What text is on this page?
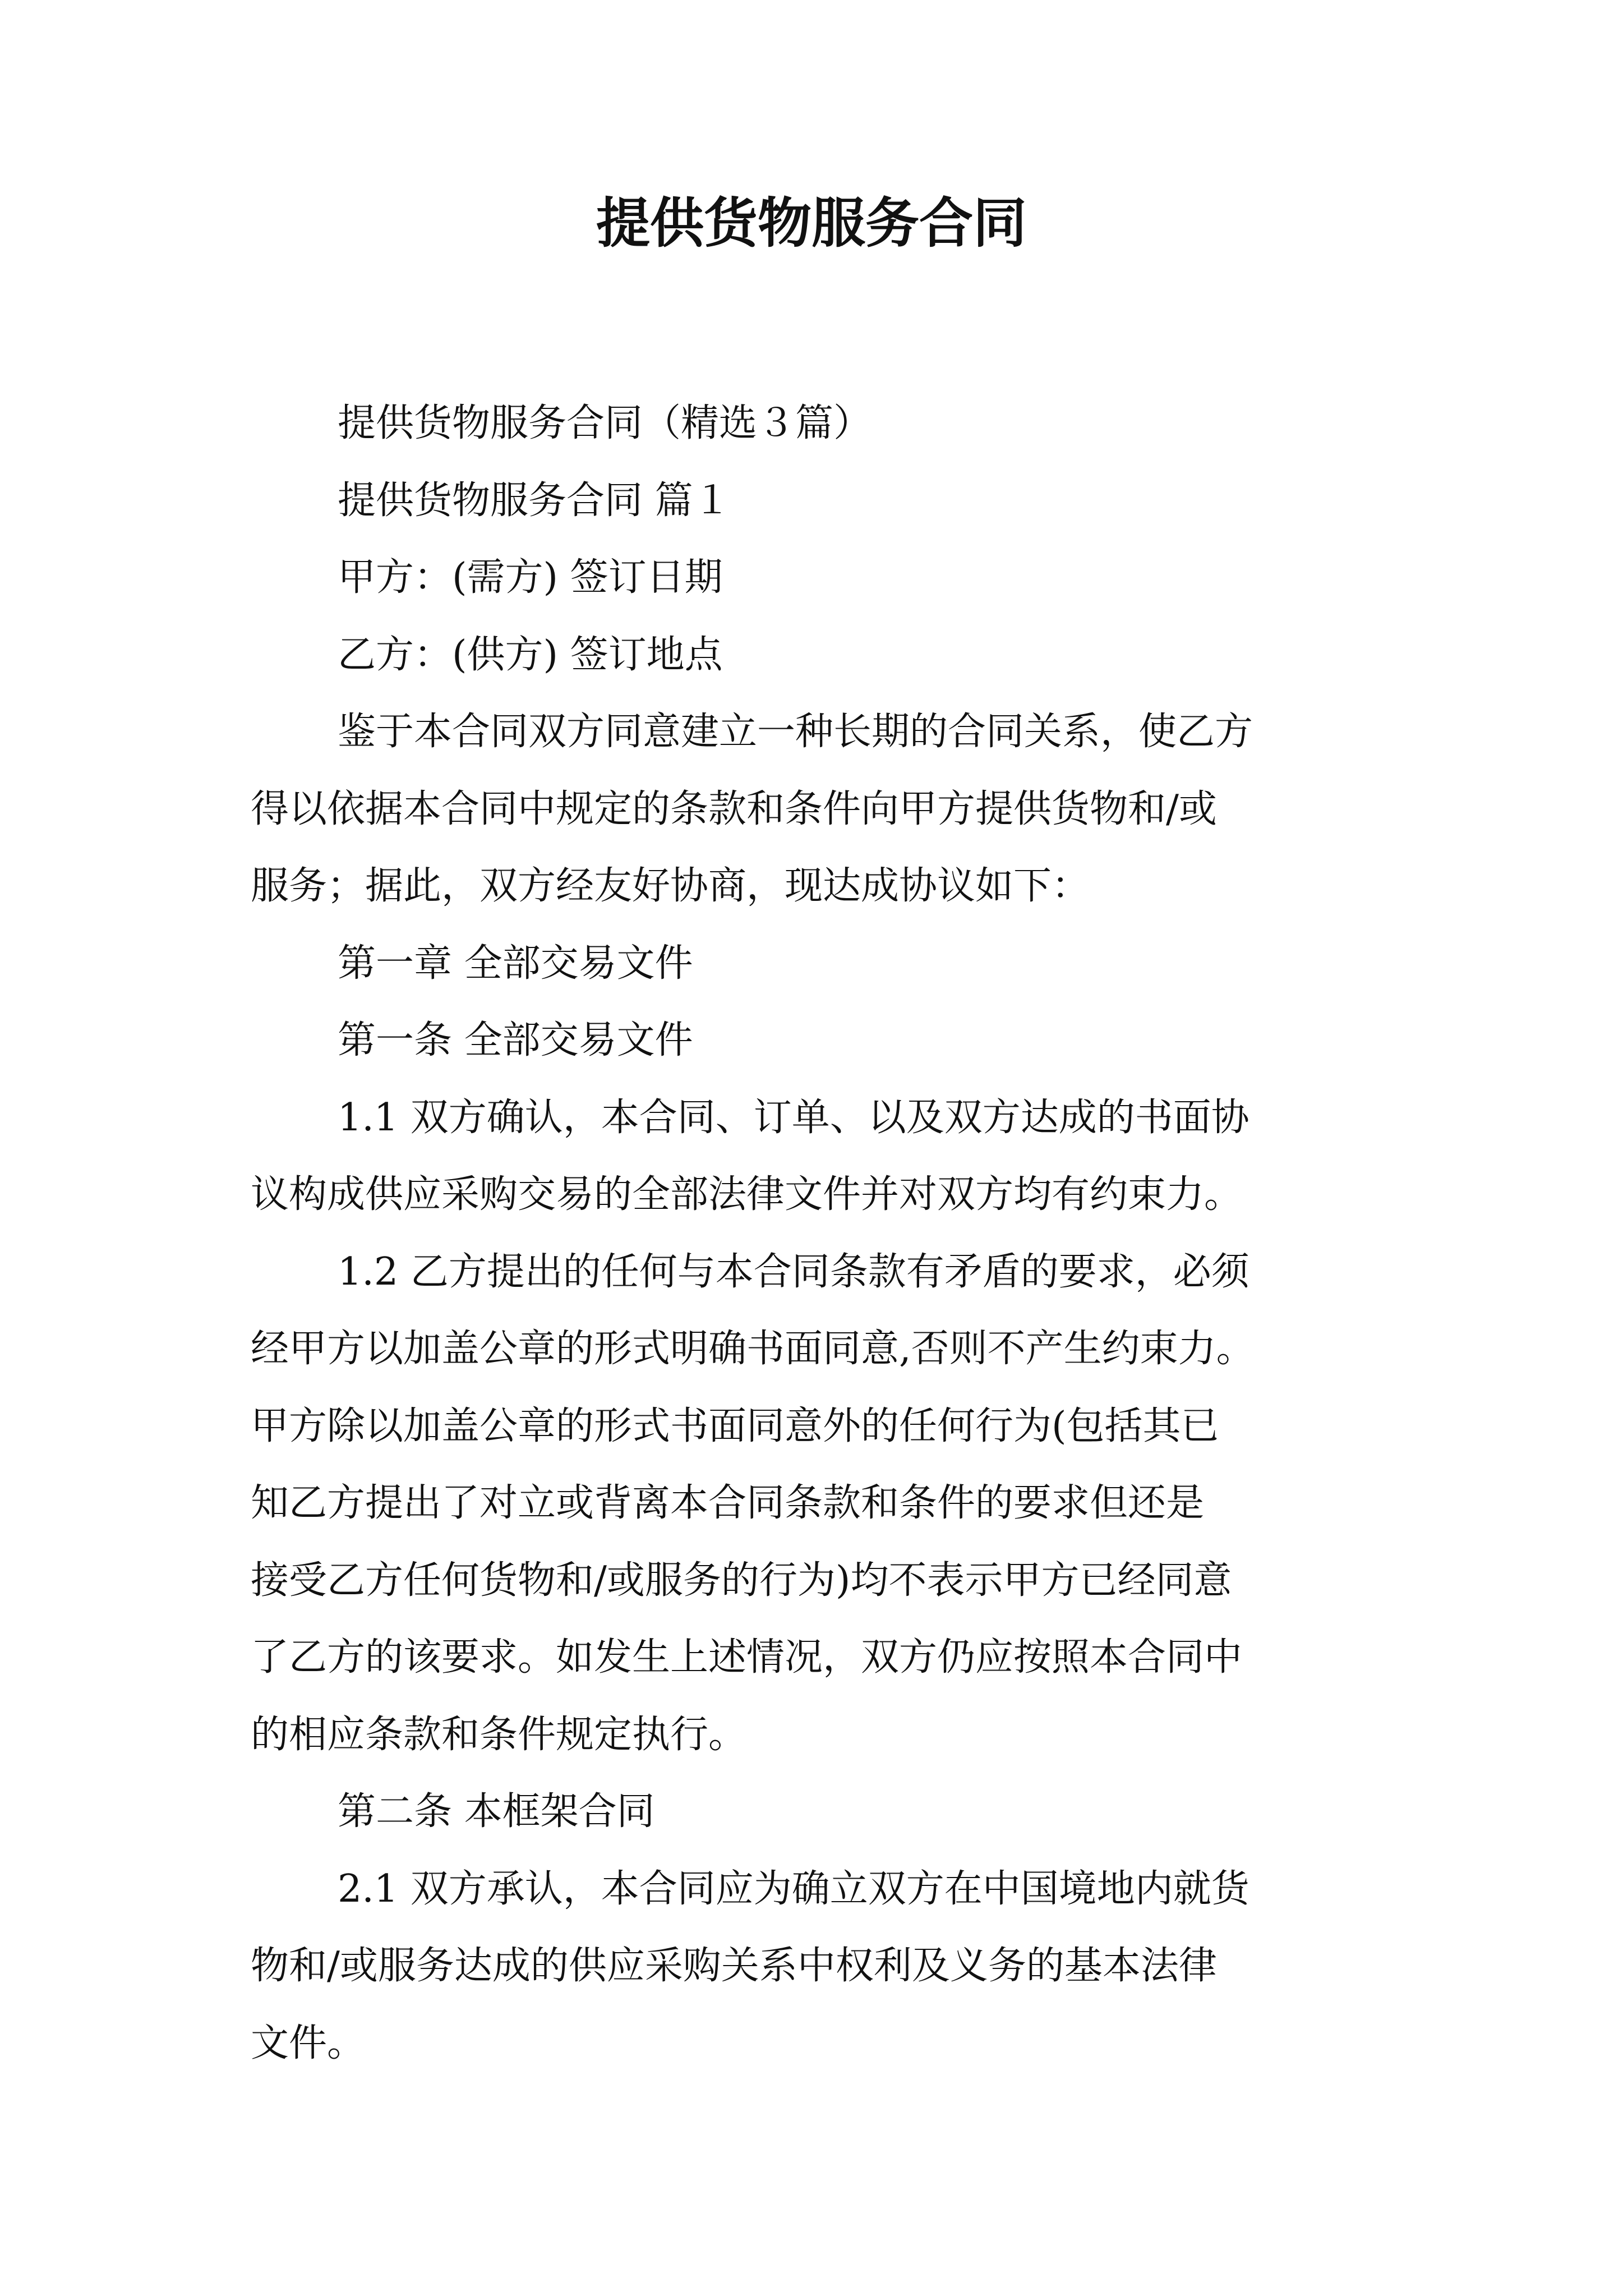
提供货物服务合同

提供货物服务合同（精选３篇）

提供货物服务合同 篇１

甲方：(需方) 签订日期

乙方：(供方) 签订地点

鉴于本合同双方同意建立一种长期的合同关系，使乙方

得以依据本合同中规定的条款和条件向甲方提供货物和/或

服务；据此，双方经友好协商，现达成协议如下：

第一章 全部交易文件

第一条 全部交易文件

1.1 双方确认，本合同、订单、以及双方达成的书面协

议构成供应采购交易的全部法律文件并对双方均有约束力。

1.2 乙方提出的任何与本合同条款有矛盾的要求，必须

经甲方以加盖公章的形式明确书面同意,否则不产生约束力。

甲方除以加盖公章的形式书面同意外的任何行为(包括其已

知乙方提出了对立或背离本合同条款和条件的要求但还是

接受乙方任何货物和/或服务的行为)均不表示甲方已经同意

了乙方的该要求。如发生上述情况，双方仍应按照本合同中

的相应条款和条件规定执行。

第二条 本框架合同

2.1 双方承认，本合同应为确立双方在中国境地内就货

物和/或服务达成的供应采购关系中权利及义务的基本法律

文件。
